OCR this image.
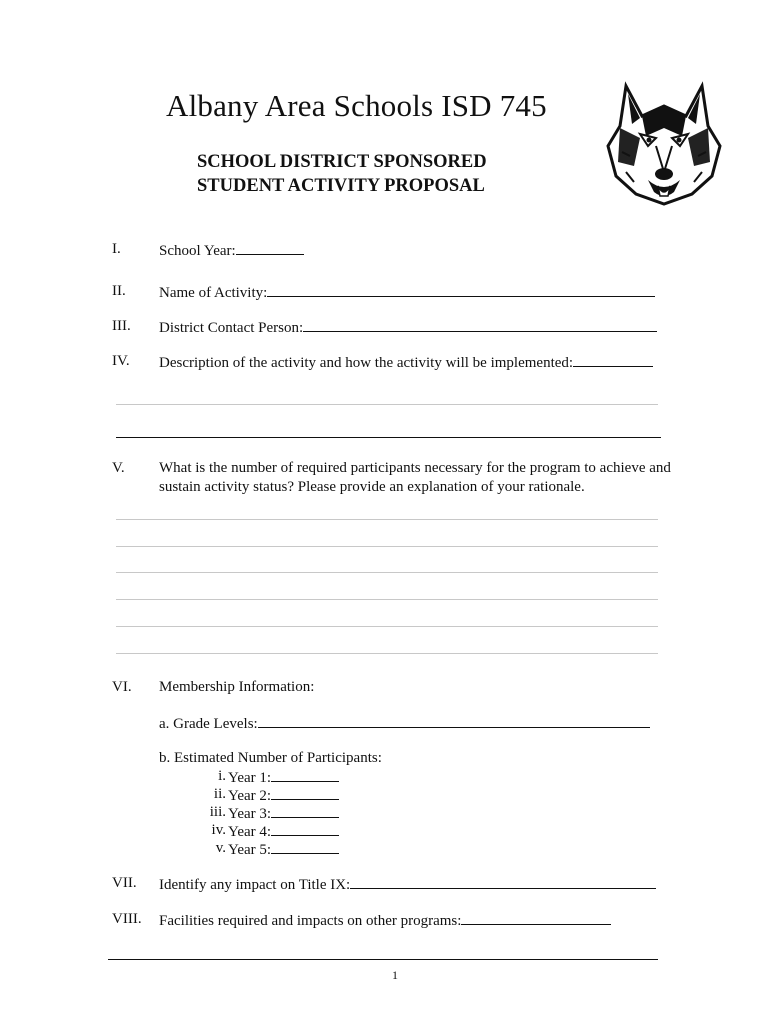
Albany Area Schools ISD 745
SCHOOL DISTRICT SPONSORED
STUDENT ACTIVITY PROPOSAL
I.	School Year:
II. Name of Activity:
III. District Contact Person:
IV. Description of the activity and how the activity will be implemented:
V. What is the number of required participants necessary for the program to achieve and
sustain activity status? Please provide an explanation of your rationale.
VI. Membership Information:
a. Grade Levels:
b. Estimated Number of Participants:
i. Year 1:
ii. Year 2:
iii. Year 3:
iv. Year 4:
v. Year 5:
VII. Identify any impact on Title IX:
VIII. Facilities required and impacts on other programs:
1
